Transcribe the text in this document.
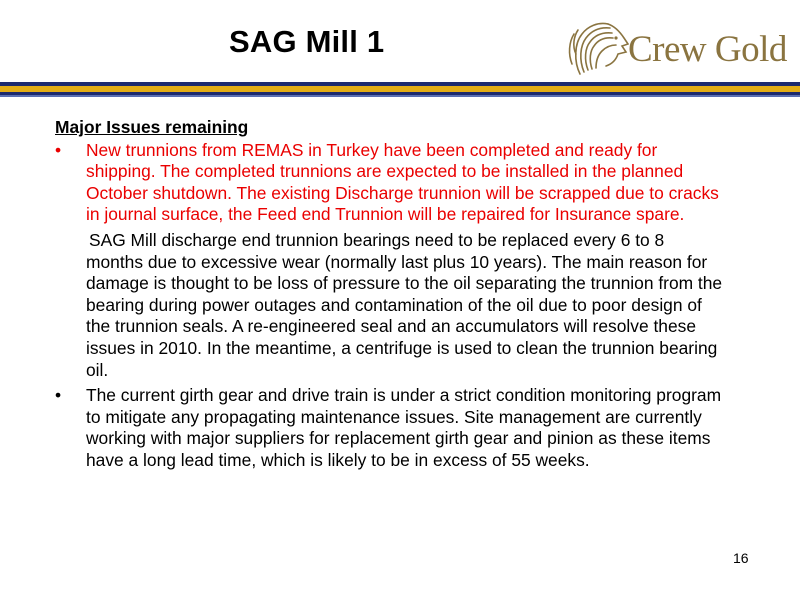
SAG Mill 1	Crew Gold
Major Issues remaining
• New trunnions from REMAS in Turkey have been completed and ready for shipping. The completed trunnions are expected to be installed in the planned October shutdown. The existing Discharge trunnion will be scrapped due to cracks in journal surface, the Feed end Trunnion will be repaired for Insurance spare.
SAG Mill discharge end trunnion bearings need to be replaced every 6 to 8 months due to excessive wear (normally last plus 10 years). The main reason for damage is thought to be loss of pressure to the oil separating the trunnion from the bearing during power outages and contamination of the oil due to poor design of the trunnion seals. A re-engineered seal and an accumulators will resolve these issues in 2010. In the meantime, a centrifuge is used to clean the trunnion bearing oil.
• The current girth gear and drive train is under a strict condition monitoring program to mitigate any propagating maintenance issues. Site management are currently working with major suppliers for replacement girth gear and pinion as these items have a long lead time, which is likely to be in excess of 55 weeks.
16
